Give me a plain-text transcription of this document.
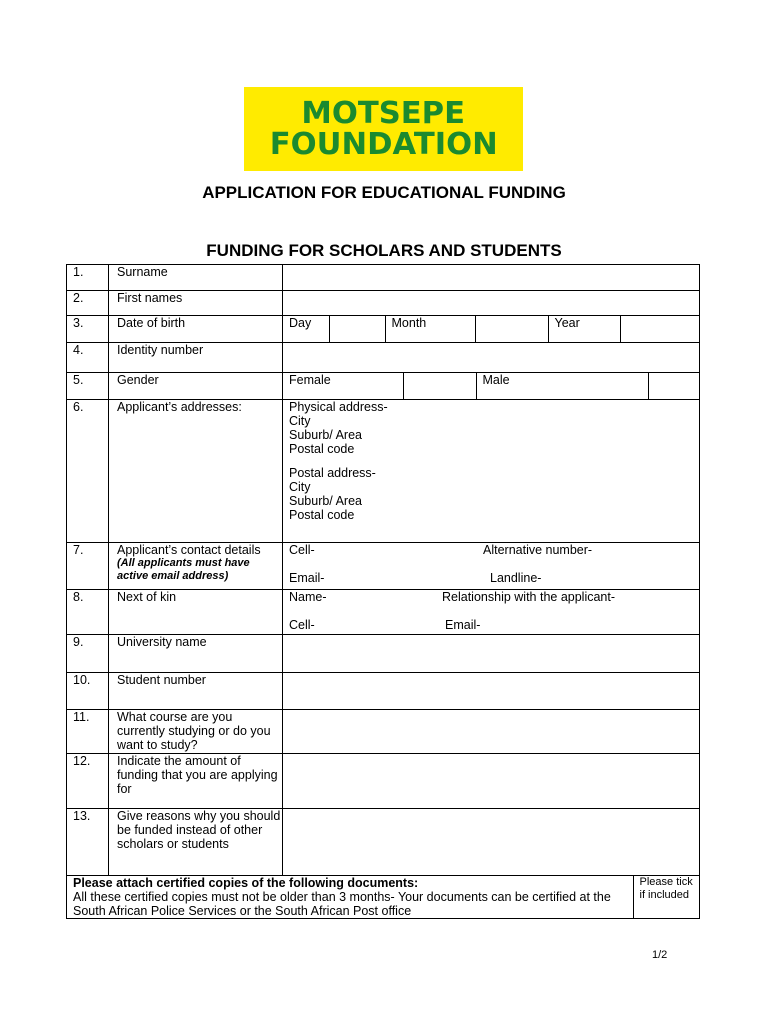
MOTSEPE
FOUNDATION
APPLICATION FOR EDUCATIONAL FUNDING
FUNDING FOR SCHOLARS AND STUDENTS
1.	Surname	
2.	First names	
3.	Date of birth		Day		Month		Year	

4.	Identity number	
5.	Gender		Female		Male	

6.	Applicant’s addresses:	Physical address-
City
Suburb/ Area
Postal code
Postal address-
City
Suburb/ Area
Postal code

7.	Applicant’s contact details
(All applicants must have active email address)

Cell-	Alternative number-
Email-	Landline-

8.	Next of kin	Name-	Relationship with the applicant-
Cell-	Email-

9.	University name	
10.	Student number	
11.	What course are you currently studying or do you want to study?	
12.	Indicate the amount of funding that you are applying for	
13.	Give reasons why you should be funded instead of other scholars or students	

Please attach certified copies of the following documents:
All these certified copies must not be older than 3 months- Your documents can be certified at the South African Police Services or the South African Post office
	Please tick if included
1/2
